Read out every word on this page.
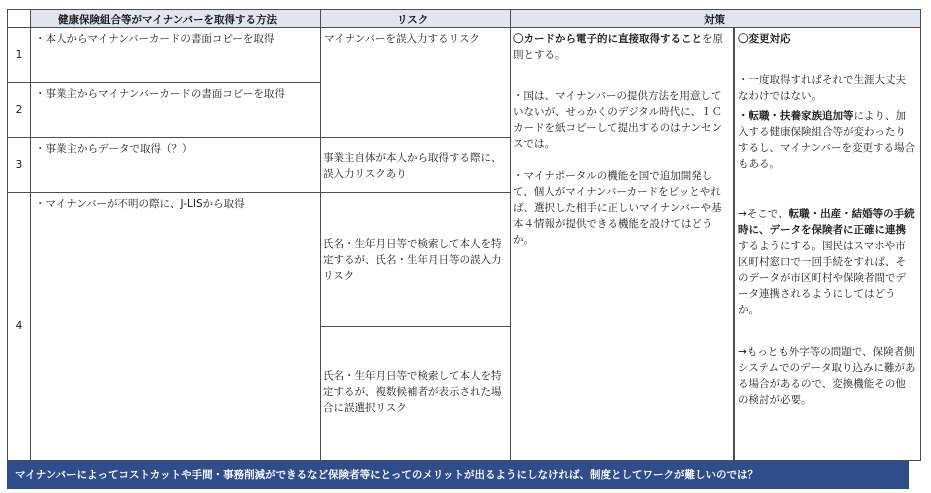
健康保険組合等がマイナンバーを取得する方法	リスク	対策
1
2
3
4
・本人からマイナンバーカードの書面コピーを取得
・事業主からマイナンバーカードの書面コピーを取得
・事業主からデータで取得（？）
・マイナンバーが不明の際に、J-LISから取得
マイナンバーを誤入力するリスク
事業主自体が本人から取得する際に、誤入力リスクあり
氏名・生年月日等で検索して本人を特定するが、氏名・生年月日等の誤入力リスク
氏名・生年月日等で検索して本人を特定するが、複数候補者が表示された場合に誤選択リスク
〇カードから電子的に直接取得することを原則とする。
・国は、マイナンバーの提供方法を用意していないが、せっかくのデジタル時代に、ＩＣカードを紙コピーして提出するのはナンセンスでは。
・マイナポータルの機能を国で追加開発して、個人がマイナンバーカードをピッとやれば、選択した相手に正しいマイナンバーや基本４情報が提供できる機能を設けてはどうか。
〇変更対応
・一度取得すればそれで生涯大丈夫なわけではない。
・転職・扶養家族追加等により、加入する健康保険組合等が変わったりするし、マイナンバーを変更する場合もある。
→そこで、転職・出産・結婚等の手続時に、データを保険者に正確に連携するようにする。国民はスマホや市区町村窓口で一回手続をすれば、そのデータが市区町村や保険者間でデータ連携されるようにしてはどうか。
→もっとも外字等の問題で、保険者側システムでのデータ取り込みに難がある場合があるので、変換機能その他の検討が必要。
マイナンバーによってコストカットや手間・事務削減ができるなど保険者等にとってのメリットが出るようにしなければ、制度としてワークが難しいのでは？
